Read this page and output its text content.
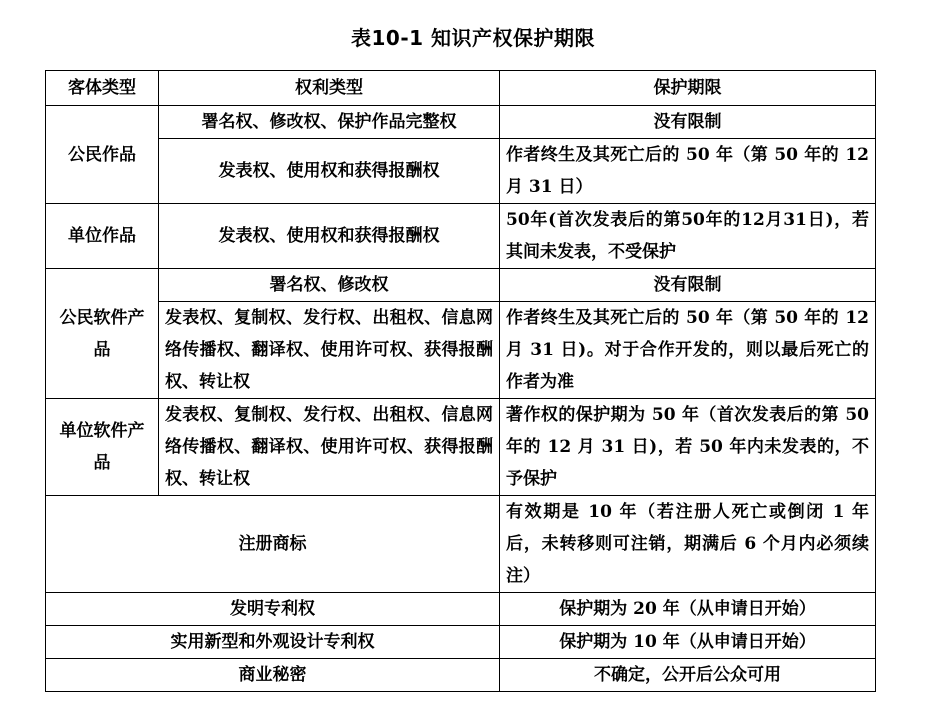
表10-1 知识产权保护期限
客体类型	权利类型	保护期限
公民作品	署名权、修改权、保护作品完整权	没有限制
	发表权、使用权和获得报酬权	作者终生及其死亡后的 50 年（第 50 年的 12 月 31 日）
单位作品	发表权、使用权和获得报酬权	50年(首次发表后的第50年的12月31日)，若其间未发表，不受保护
公民软件产品	署名权、修改权	没有限制
	发表权、复制权、发行权、出租权、信息网络传播权、翻译权、使用许可权、获得报酬权、转让权	作者终生及其死亡后的 50 年（第 50 年的 12 月 31 日)。对于合作开发的，则以最后死亡的作者为准
单位软件产品	发表权、复制权、发行权、出租权、信息网络传播权、翻译权、使用许可权、获得报酬权、转让权	著作权的保护期为 50 年（首次发表后的第 50 年的 12 月 31 日)，若 50 年内未发表的，不予保护
注册商标		有效期是 10 年（若注册人死亡或倒闭 1 年后，未转移则可注销，期满后 6 个月内必须续注）
发明专利权		保护期为 20 年（从申请日开始）
实用新型和外观设计专利权		保护期为 10 年（从申请日开始）
商业秘密		不确定，公开后公众可用
